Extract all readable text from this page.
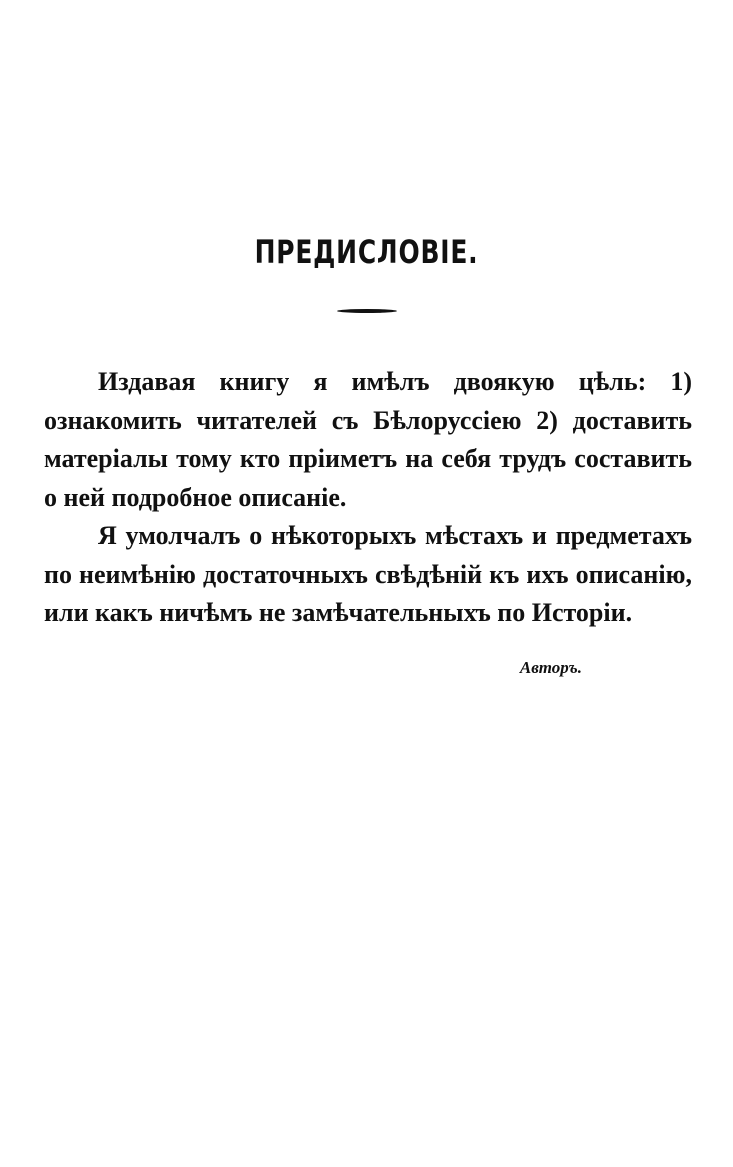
ПРЕДИСЛОВІЕ.

Издавая книгу я имѣлъ двоякую цѣль: 1) ознакомить читателей съ Бѣлоруссіею 2) доставить матеріалы тому кто пріиметъ на себя трудъ составить о ней подробное описаніе.

Я умолчалъ о нѣкоторыхъ мѣстахъ и предметахъ по неимѣнію достаточныхъ свѣдѣній къ ихъ описанію, или какъ ничѣмъ не замѣчательныхъ по Исторіи.

Авторъ.
